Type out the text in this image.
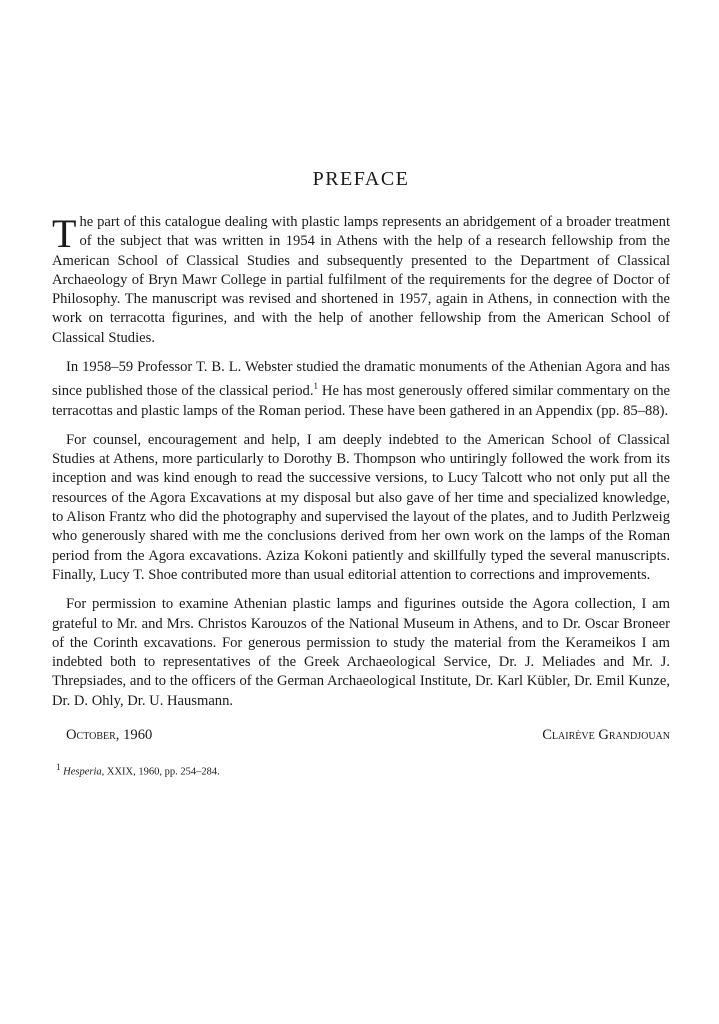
PREFACE

The part of this catalogue dealing with plastic lamps represents an abridgement of a broader treatment of the subject that was written in 1954 in Athens with the help of a research fellowship from the American School of Classical Studies and subsequently presented to the Department of Classical Archaeology of Bryn Mawr College in partial fulfilment of the requirements for the degree of Doctor of Philosophy. The manuscript was revised and shortened in 1957, again in Athens, in connection with the work on terracotta figurines, and with the help of another fellowship from the American School of Classical Studies.

In 1958–59 Professor T. B. L. Webster studied the dramatic monuments of the Athenian Agora and has since published those of the classical period.$^1$ He has most generously offered similar commentary on the terracottas and plastic lamps of the Roman period. These have been gathered in an Appendix (pp. 85–88).

For counsel, encouragement and help, I am deeply indebted to the American School of Classical Studies at Athens, more particularly to Dorothy B. Thompson who untiringly followed the work from its inception and was kind enough to read the successive versions, to Lucy Talcott who not only put all the resources of the Agora Excavations at my disposal but also gave of her time and specialized knowledge, to Alison Frantz who did the photography and supervised the layout of the plates, and to Judith Perlzweig who generously shared with me the conclusions derived from her own work on the lamps of the Roman period from the Agora excavations. Aziza Kokoni patiently and skillfully typed the several manuscripts. Finally, Lucy T. Shoe contributed more than usual editorial attention to corrections and improvements.

For permission to examine Athenian plastic lamps and figurines outside the Agora collection, I am grateful to Mr. and Mrs. Christos Karouzos of the National Museum in Athens, and to Dr. Oscar Broneer of the Corinth excavations. For generous permission to study the material from the Kerameikos I am indebted both to representatives of the Greek Archaeological Service, Dr. J. Meliades and Mr. J. Threpsiades, and to the officers of the German Archaeological Institute, Dr. Karl Kübler, Dr. Emil Kunze, Dr. D. Ohly, Dr. U. Hausmann.

October, 1960	Clairève Grandjouan
$^1$ Hesperia, XXIX, 1960, pp. 254–284.
